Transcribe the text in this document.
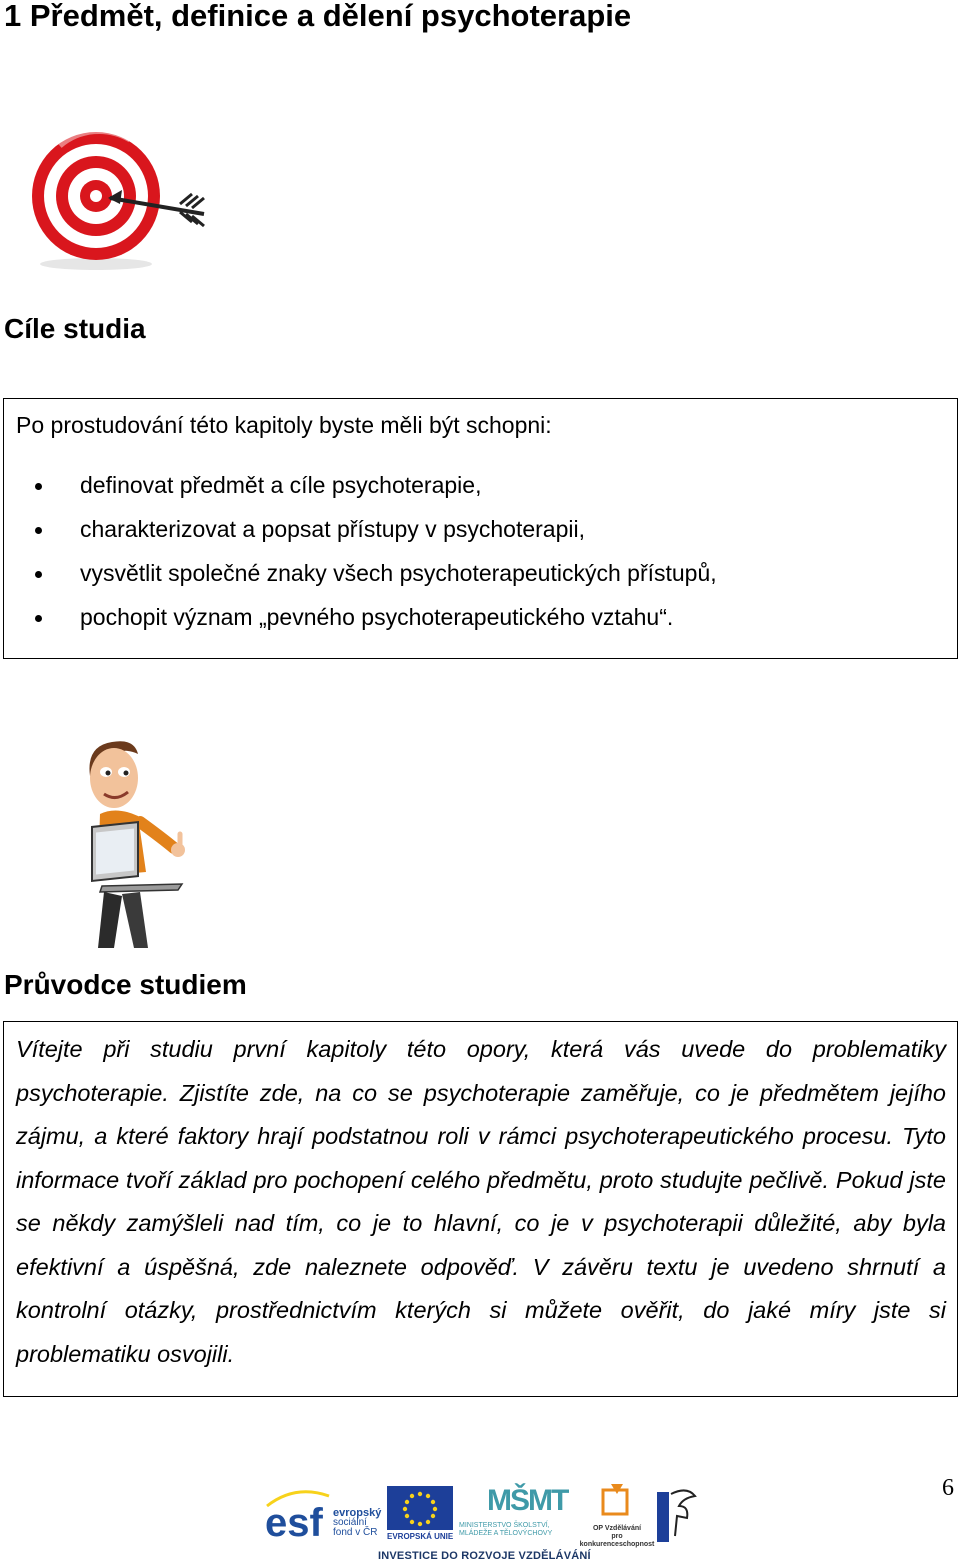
1 Předmět, definice a dělení psychoterapie
Cíle studia
Po prostudování této kapitoly byste měli být schopni:
definovat předmět a cíle psychoterapie,
charakterizovat a popsat přístupy v psychoterapii,
vysvětlit společné znaky všech psychoterapeutických přístupů,
pochopit význam „pevného psychoterapeutického vztahu“.
Průvodce studiem

Vítejte při studiu první kapitoly této opory, která vás uvede do problematiky psychoterapie. Zjistíte zde, na co se psychoterapie zaměřuje, co je předmětem jejího zájmu, a které faktory hrají podstatnou roli v rámci psychoterapeutického procesu. Tyto informace tvoří základ pro pochopení celého předmětu, proto studujte pečlivě. Pokud jste se někdy zamýšleli nad tím, co je to hlavní, co je v psychoterapii důležité, aby byla efektivní a úspěšná, zde naleznete odpověď. V závěru textu je uvedeno shrnutí a kontrolní otázky, prostřednictvím kterých si můžete ověřit, do jaké míry jste si problematiku osvojili.

esf evropský
sociální
fond v ČR	EVROPSKÁ UNIE
MŠMT
MINISTERSTVO ŠKOLSTVÍ,
MLÁDEŽE A TĚLOVÝCHOVY
OP Vzdělávání
pro konkurenceschopnost
INVESTICE DO ROZVOJE VZDĚLÁVÁNÍ
6
